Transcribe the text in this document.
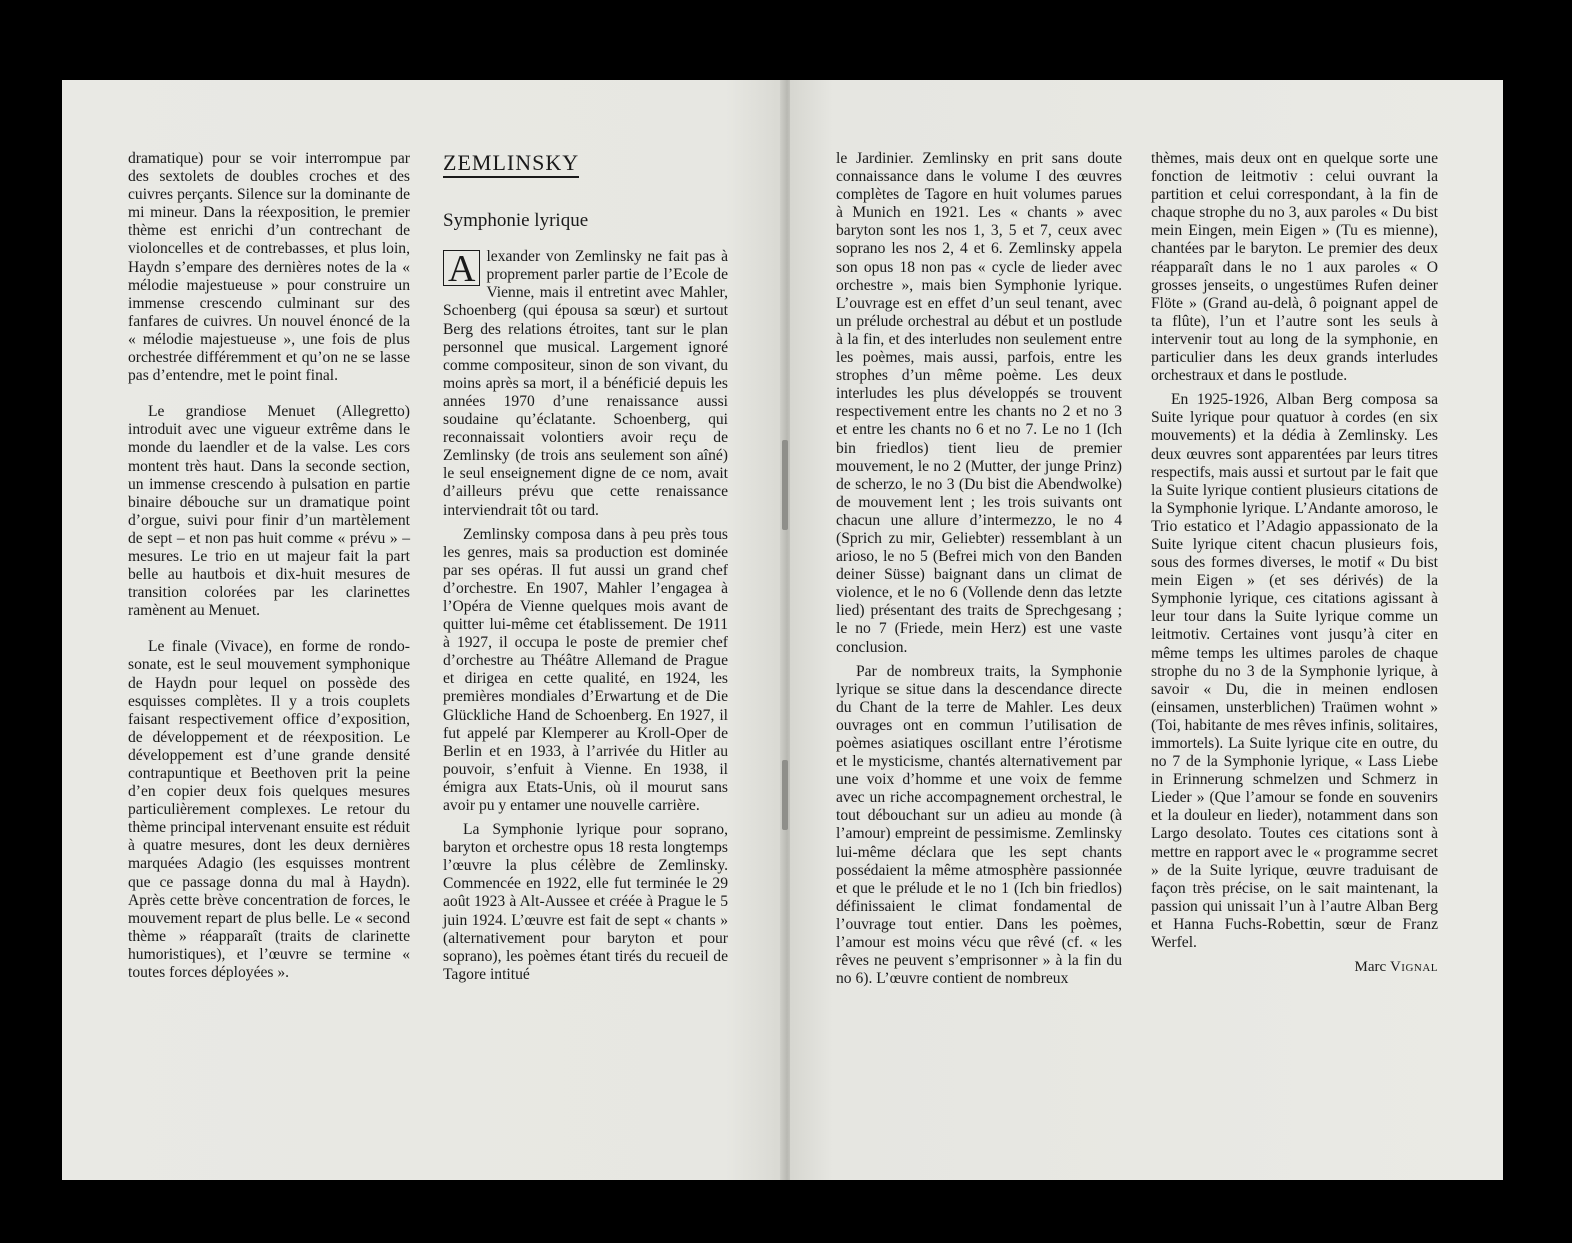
dramatique) pour se voir interrompue par des sextolets de doubles croches et des cuivres perçants. Silence sur la dominante de mi mineur. Dans la réexposition, le premier thème est enrichi d’un contrechant de violoncelles et de contrebasses, et plus loin, Haydn s’empare des dernières notes de la « mélodie majestueuse » pour construire un immense crescendo culminant sur des fanfares de cuivres. Un nouvel énoncé de la « mélodie majestueuse », une fois de plus orchestrée différemment et qu’on ne se lasse pas d’entendre, met le point final.

Le grandiose Menuet (Allegretto) introduit avec une vigueur extrême dans le monde du laendler et de la valse. Les cors montent très haut. Dans la seconde section, un immense crescendo à pulsation en partie binaire débouche sur un dramatique point d’orgue, suivi pour finir d’un martèlement de sept – et non pas huit comme « prévu » – mesures. Le trio en ut majeur fait la part belle au hautbois et dix-huit mesures de transition colorées par les clarinettes ramènent au Menuet.

Le finale (Vivace), en forme de rondo-sonate, est le seul mouvement symphonique de Haydn pour lequel on possède des esquisses complètes. Il y a trois couplets faisant respectivement office d’exposition, de développement et de réexposition. Le développement est d’une grande densité contrapuntique et Beethoven prit la peine d’en copier deux fois quelques mesures particulièrement complexes. Le retour du thème principal intervenant ensuite est réduit à quatre mesures, dont les deux dernières marquées Adagio (les esquisses montrent que ce passage donna du mal à Haydn). Après cette brève concentration de forces, le mouvement repart de plus belle. Le « second thème » réapparaît (traits de clarinette humoristiques), et l’œuvre se termine « toutes forces déployées ».

ZEMLINSKY
Symphonie lyrique

A lexander von Zemlinsky ne fait pas à proprement parler partie de l’Ecole de Vienne, mais il entretint avec Mahler, Schoenberg (qui épousa sa sœur) et surtout Berg des relations étroites, tant sur le plan personnel que musical. Largement ignoré comme compositeur, sinon de son vivant, du moins après sa mort, il a bénéficié depuis les années 1970 d’une renaissance aussi soudaine qu’éclatante. Schoenberg, qui reconnaissait volontiers avoir reçu de Zemlinsky (de trois ans seulement son aîné) le seul enseignement digne de ce nom, avait d’ailleurs prévu que cette renaissance interviendrait tôt ou tard.

Zemlinsky composa dans à peu près tous les genres, mais sa production est dominée par ses opéras. Il fut aussi un grand chef d’orchestre. En 1907, Mahler l’engagea à l’Opéra de Vienne quelques mois avant de quitter lui-même cet établissement. De 1911 à 1927, il occupa le poste de premier chef d’orchestre au Théâtre Allemand de Prague et dirigea en cette qualité, en 1924, les premières mondiales d’Erwartung et de Die Glückliche Hand de Schoenberg. En 1927, il fut appelé par Klemperer au Kroll-Oper de Berlin et en 1933, à l’arrivée du Hitler au pouvoir, s’enfuit à Vienne. En 1938, il émigra aux Etats-Unis, où il mourut sans avoir pu y entamer une nouvelle carrière.

La Symphonie lyrique pour soprano, baryton et orchestre opus 18 resta longtemps l’œuvre la plus célèbre de Zemlinsky. Commencée en 1922, elle fut terminée le 29 août 1923 à Alt-Aussee et créée à Prague le 5 juin 1924. L’œuvre est fait de sept « chants » (alternativement pour baryton et pour soprano), les poèmes étant tirés du recueil de Tagore intitué

le Jardinier. Zemlinsky en prit sans doute connaissance dans le volume I des œuvres complètes de Tagore en huit volumes parues à Munich en 1921. Les « chants » avec baryton sont les nos 1, 3, 5 et 7, ceux avec soprano les nos 2, 4 et 6. Zemlinsky appela son opus 18 non pas « cycle de lieder avec orchestre », mais bien Symphonie lyrique. L’ouvrage est en effet d’un seul tenant, avec un prélude orchestral au début et un postlude à la fin, et des interludes non seulement entre les poèmes, mais aussi, parfois, entre les strophes d’un même poème. Les deux interludes les plus développés se trouvent respectivement entre les chants no 2 et no 3 et entre les chants no 6 et no 7. Le no 1 (Ich bin friedlos) tient lieu de premier mouvement, le no 2 (Mutter, der junge Prinz) de scherzo, le no 3 (Du bist die Abendwolke) de mouvement lent ; les trois suivants ont chacun une allure d’intermezzo, le no 4 (Sprich zu mir, Geliebter) ressemblant à un arioso, le no 5 (Befrei mich von den Banden deiner Süsse) baignant dans un climat de violence, et le no 6 (Vollende denn das letzte lied) présentant des traits de Sprechgesang ; le no 7 (Friede, mein Herz) est une vaste conclusion.

Par de nombreux traits, la Symphonie lyrique se situe dans la descendance directe du Chant de la terre de Mahler. Les deux ouvrages ont en commun l’utilisation de poèmes asiatiques oscillant entre l’érotisme et le mysticisme, chantés alternativement par une voix d’homme et une voix de femme avec un riche accompagnement orchestral, le tout débouchant sur un adieu au monde (à l’amour) empreint de pessimisme. Zemlinsky lui-même déclara que les sept chants possédaient la même atmosphère passionnée et que le prélude et le no 1 (Ich bin friedlos) définissaient le climat fondamental de l’ouvrage tout entier. Dans les poèmes, l’amour est moins vécu que rêvé (cf. « les rêves ne peuvent s’emprisonner » à la fin du no 6). L’œuvre contient de nombreux

thèmes, mais deux ont en quelque sorte une fonction de leitmotiv : celui ouvrant la partition et celui correspondant, à la fin de chaque strophe du no 3, aux paroles « Du bist mein Eingen, mein Eigen » (Tu es mienne), chantées par le baryton. Le premier des deux réapparaît dans le no 1 aux paroles « O grosses jenseits, o ungestümes Rufen deiner Flöte » (Grand au-delà, ô poignant appel de ta flûte), l’un et l’autre sont les seuls à intervenir tout au long de la symphonie, en particulier dans les deux grands interludes orchestraux et dans le postlude.

En 1925-1926, Alban Berg composa sa Suite lyrique pour quatuor à cordes (en six mouvements) et la dédia à Zemlinsky. Les deux œuvres sont apparentées par leurs titres respectifs, mais aussi et surtout par le fait que la Suite lyrique contient plusieurs citations de la Symphonie lyrique. L’Andante amoroso, le Trio estatico et l’Adagio appassionato de la Suite lyrique citent chacun plusieurs fois, sous des formes diverses, le motif « Du bist mein Eigen » (et ses dérivés) de la Symphonie lyrique, ces citations agissant à leur tour dans la Suite lyrique comme un leitmotiv. Certaines vont jusqu’à citer en même temps les ultimes paroles de chaque strophe du no 3 de la Symphonie lyrique, à savoir « Du, die in meinen endlosen (einsamen, unsterblichen) Traümen wohnt » (Toi, habitante de mes rêves infinis, solitaires, immortels). La Suite lyrique cite en outre, du no 7 de la Symphonie lyrique, « Lass Liebe in Erinnerung schmelzen und Schmerz in Lieder » (Que l’amour se fonde en souvenirs et la douleur en lieder), notamment dans son Largo desolato. Toutes ces citations sont à mettre en rapport avec le « programme secret » de la Suite lyrique, œuvre traduisant de façon très précise, on le sait maintenant, la passion qui unissait l’un à l’autre Alban Berg et Hanna Fuchs-Robettin, sœur de Franz Werfel.

Marc Vignal
